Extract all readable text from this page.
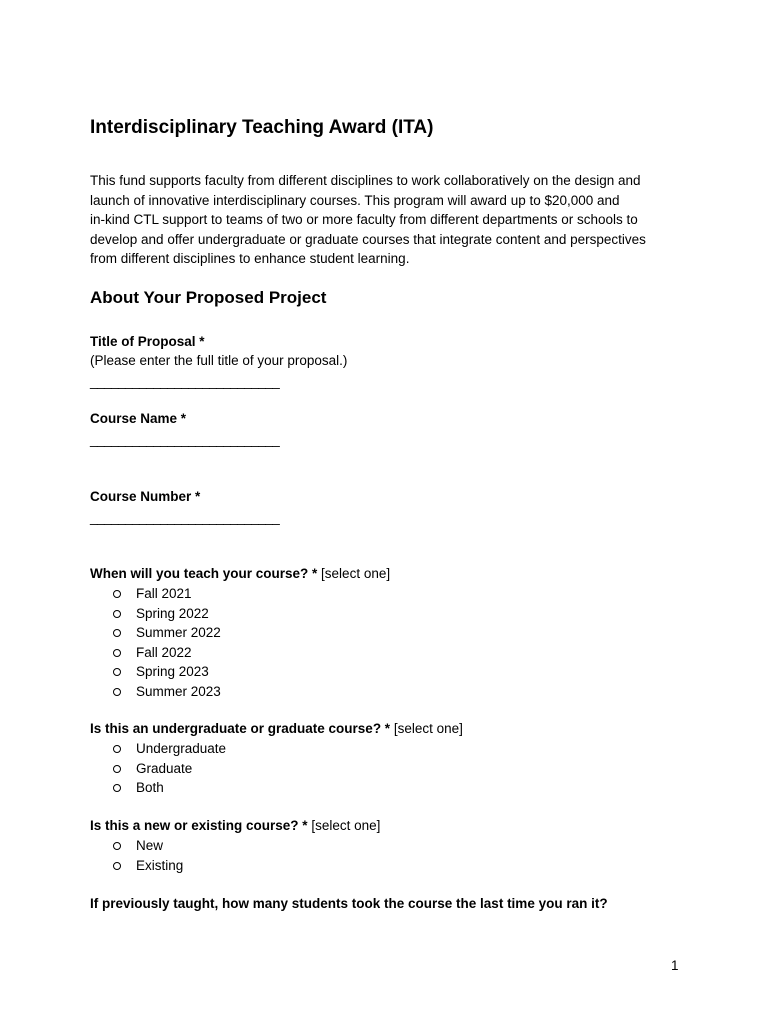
Interdisciplinary Teaching Award (ITA)

This fund supports faculty from different disciplines to work collaboratively on the design and
launch of innovative interdisciplinary courses. This program will award up to $20,000 and
in-kind CTL support to teams of two or more faculty from different departments or schools to
develop and offer undergraduate or graduate courses that integrate content and perspectives
from different disciplines to enhance student learning.

About Your Proposed Project
Title of Proposal *
(Please enter the full title of your proposal.)
___________________________
Course Name *
___________________________
Course Number *
___________________________
When will you teach your course? * [select one]
Fall 2021
Spring 2022
Summer 2022
Fall 2022
Spring 2023
Summer 2023
Is this an undergraduate or graduate course? * [select one]
Undergraduate
Graduate
Both
Is this a new or existing course? * [select one]
New
Existing
If previously taught, how many students took the course the last time you ran it?
1
